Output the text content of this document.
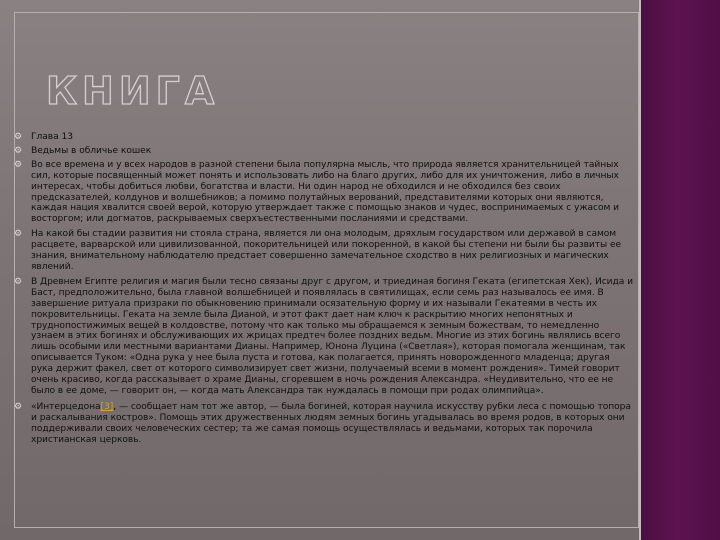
КНИГА
⚙ Глава 13
⚙ Ведьмы в обличье кошек
⚙ Во все времена и у всех народов в разной степени была популярна мысль, что природа является хранительницей тайных сил, которые посвященный может понять и использовать либо на благо других, либо для их уничтожения, либо в личных интересах, чтобы добиться любви, богатства и власти. Ни один народ не обходился и не обходился без своих предсказателей, колдунов и волшебников; а помимо полутайных верований, представителями которых они являются, каждая нация хвалится своей верой, которую утверждает также с помощью знаков и чудес, воспринимаемых с ужасом и восторгом; или догматов, раскрываемых сверхъестественными посланиями и средствами.
⚙ На какой бы стадии развития ни стояла страна, является ли она молодым, дряхлым государством или державой в самом расцвете, варварской или цивилизованной, покорительницей или покоренной, в какой бы степени ни были бы развиты ее знания, внимательному наблюдателю предстает совершенно замечательное сходство в них религиозных и магических явлений.
⚙ В Древнем Египте религия и магия были тесно связаны друг с другом, и триединая богиня Геката (египетская Хек), Исида и Баст, предположительно, была главной волшебницей и появлялась в святилищах, если семь раз называлось ее имя. В завершение ритуала призраки по обыкновению принимали осязательную форму и их называли Гекатеями в честь их покровительницы. Геката на земле была Дианой, и этот факт дает нам ключ к раскрытию многих непонятных и труднопостижимых вещей в колдовстве, потому что как только мы обращаемся к земным божествам, то немедленно узнаем в этих богинях и обслуживающих их жрицах предтеч более поздних ведьм. Многие из этих богинь являлись всего лишь особыми или местными вариантами Дианы. Например, Юнона Луцина («Светлая»), которая помогала женщинам, так описывается Туком: «Одна рука у нее была пуста и готова, как полагается, принять новорожденного младенца; другая рука держит факел, свет от которого символизирует свет жизни, получаемый всеми в момент рождения». Тимей говорит очень красиво, когда рассказывает о храме Дианы, сгоревшем в ночь рождения Александра. «Неудивительно, что ее не было в ее доме, — говорит он, — когда мать Александра так нуждалась в помощи при родах олимпийца».
⚙ «Интерцедона[3], — сообщает нам тот же автор, — была богиней, которая научила искусству рубки леса с помощью топора и раскалывания костров». Помощь этих дружественных людям земных богинь угадывалась во время родов, в которых они поддерживали своих человеческих сестер; та же самая помощь осуществлялась и ведьмами, которых так порочила христианская церковь.
